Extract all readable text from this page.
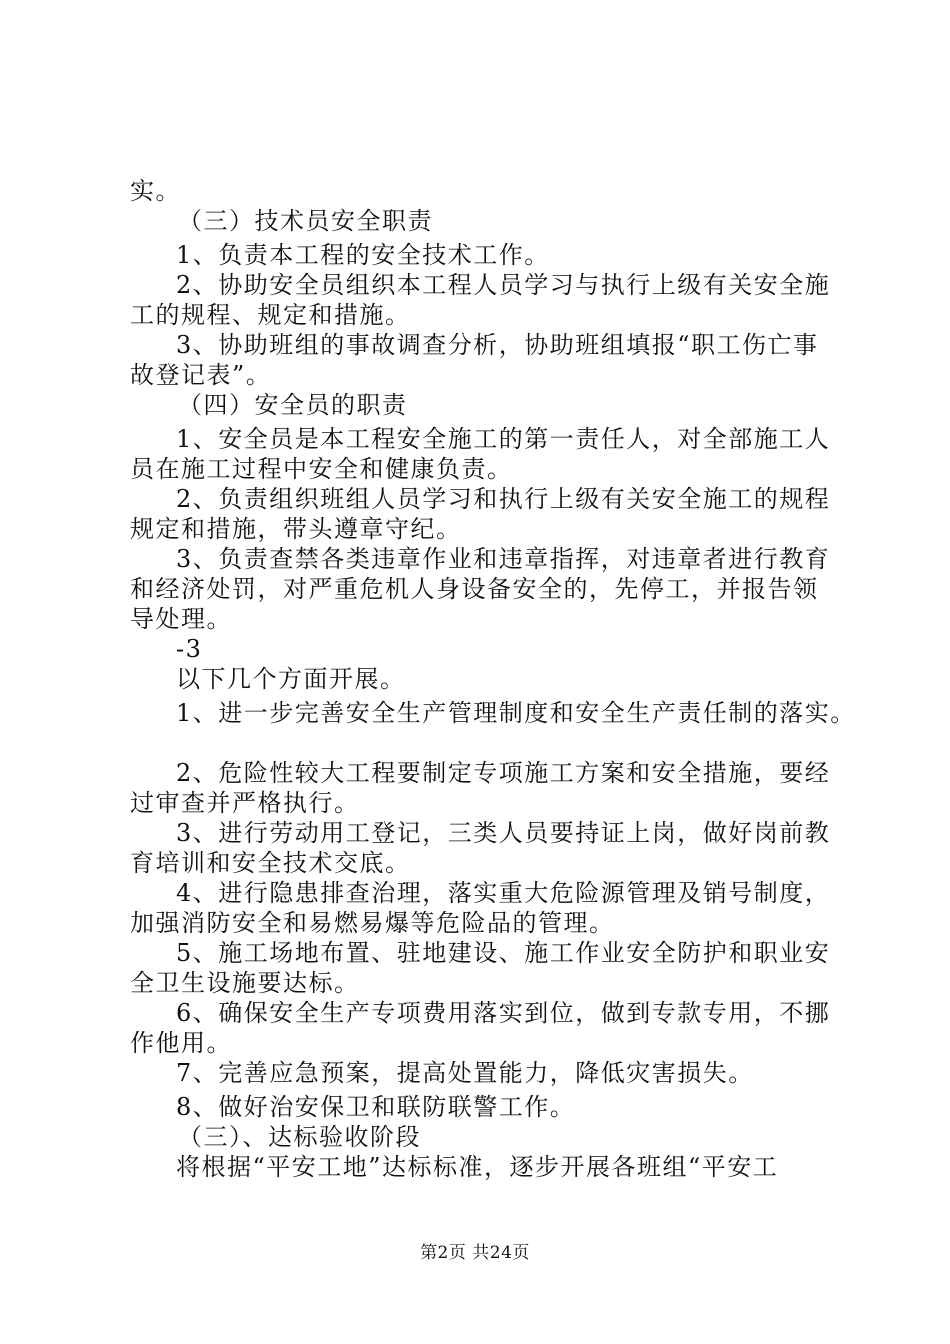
实。
（三）技术员安全职责
1、负责本工程的安全技术工作。
2、协助安全员组织本工程人员学习与执行上级有关安全施
工的规程、规定和措施。
3、协助班组的事故调查分析，协助班组填报“职工伤亡事
故登记表”。
（四）安全员的职责
1、安全员是本工程安全施工的第一责任人，对全部施工人
员在施工过程中安全和健康负责。
2、负责组织班组人员学习和执行上级有关安全施工的规程
规定和措施，带头遵章守纪。
3、负责查禁各类违章作业和违章指挥，对违章者进行教育
和经济处罚，对严重危机人身设备安全的，先停工，并报告领
导处理。
-3
以下几个方面开展。
1、进一步完善安全生产管理制度和安全生产责任制的落实。
2、危险性较大工程要制定专项施工方案和安全措施，要经
过审查并严格执行。
3、进行劳动用工登记，三类人员要持证上岗，做好岗前教
育培训和安全技术交底。
4、进行隐患排查治理，落实重大危险源管理及销号制度，
加强消防安全和易燃易爆等危险品的管理。
5、施工场地布置、驻地建设、施工作业安全防护和职业安
全卫生设施要达标。
6、确保安全生产专项费用落实到位，做到专款专用，不挪
作他用。
7、完善应急预案，提高处置能力，降低灾害损失。
8、做好治安保卫和联防联警工作。
（三）、达标验收阶段
将根据“平安工地”达标标准，逐步开展各班组“平安工
第2页 共24页
